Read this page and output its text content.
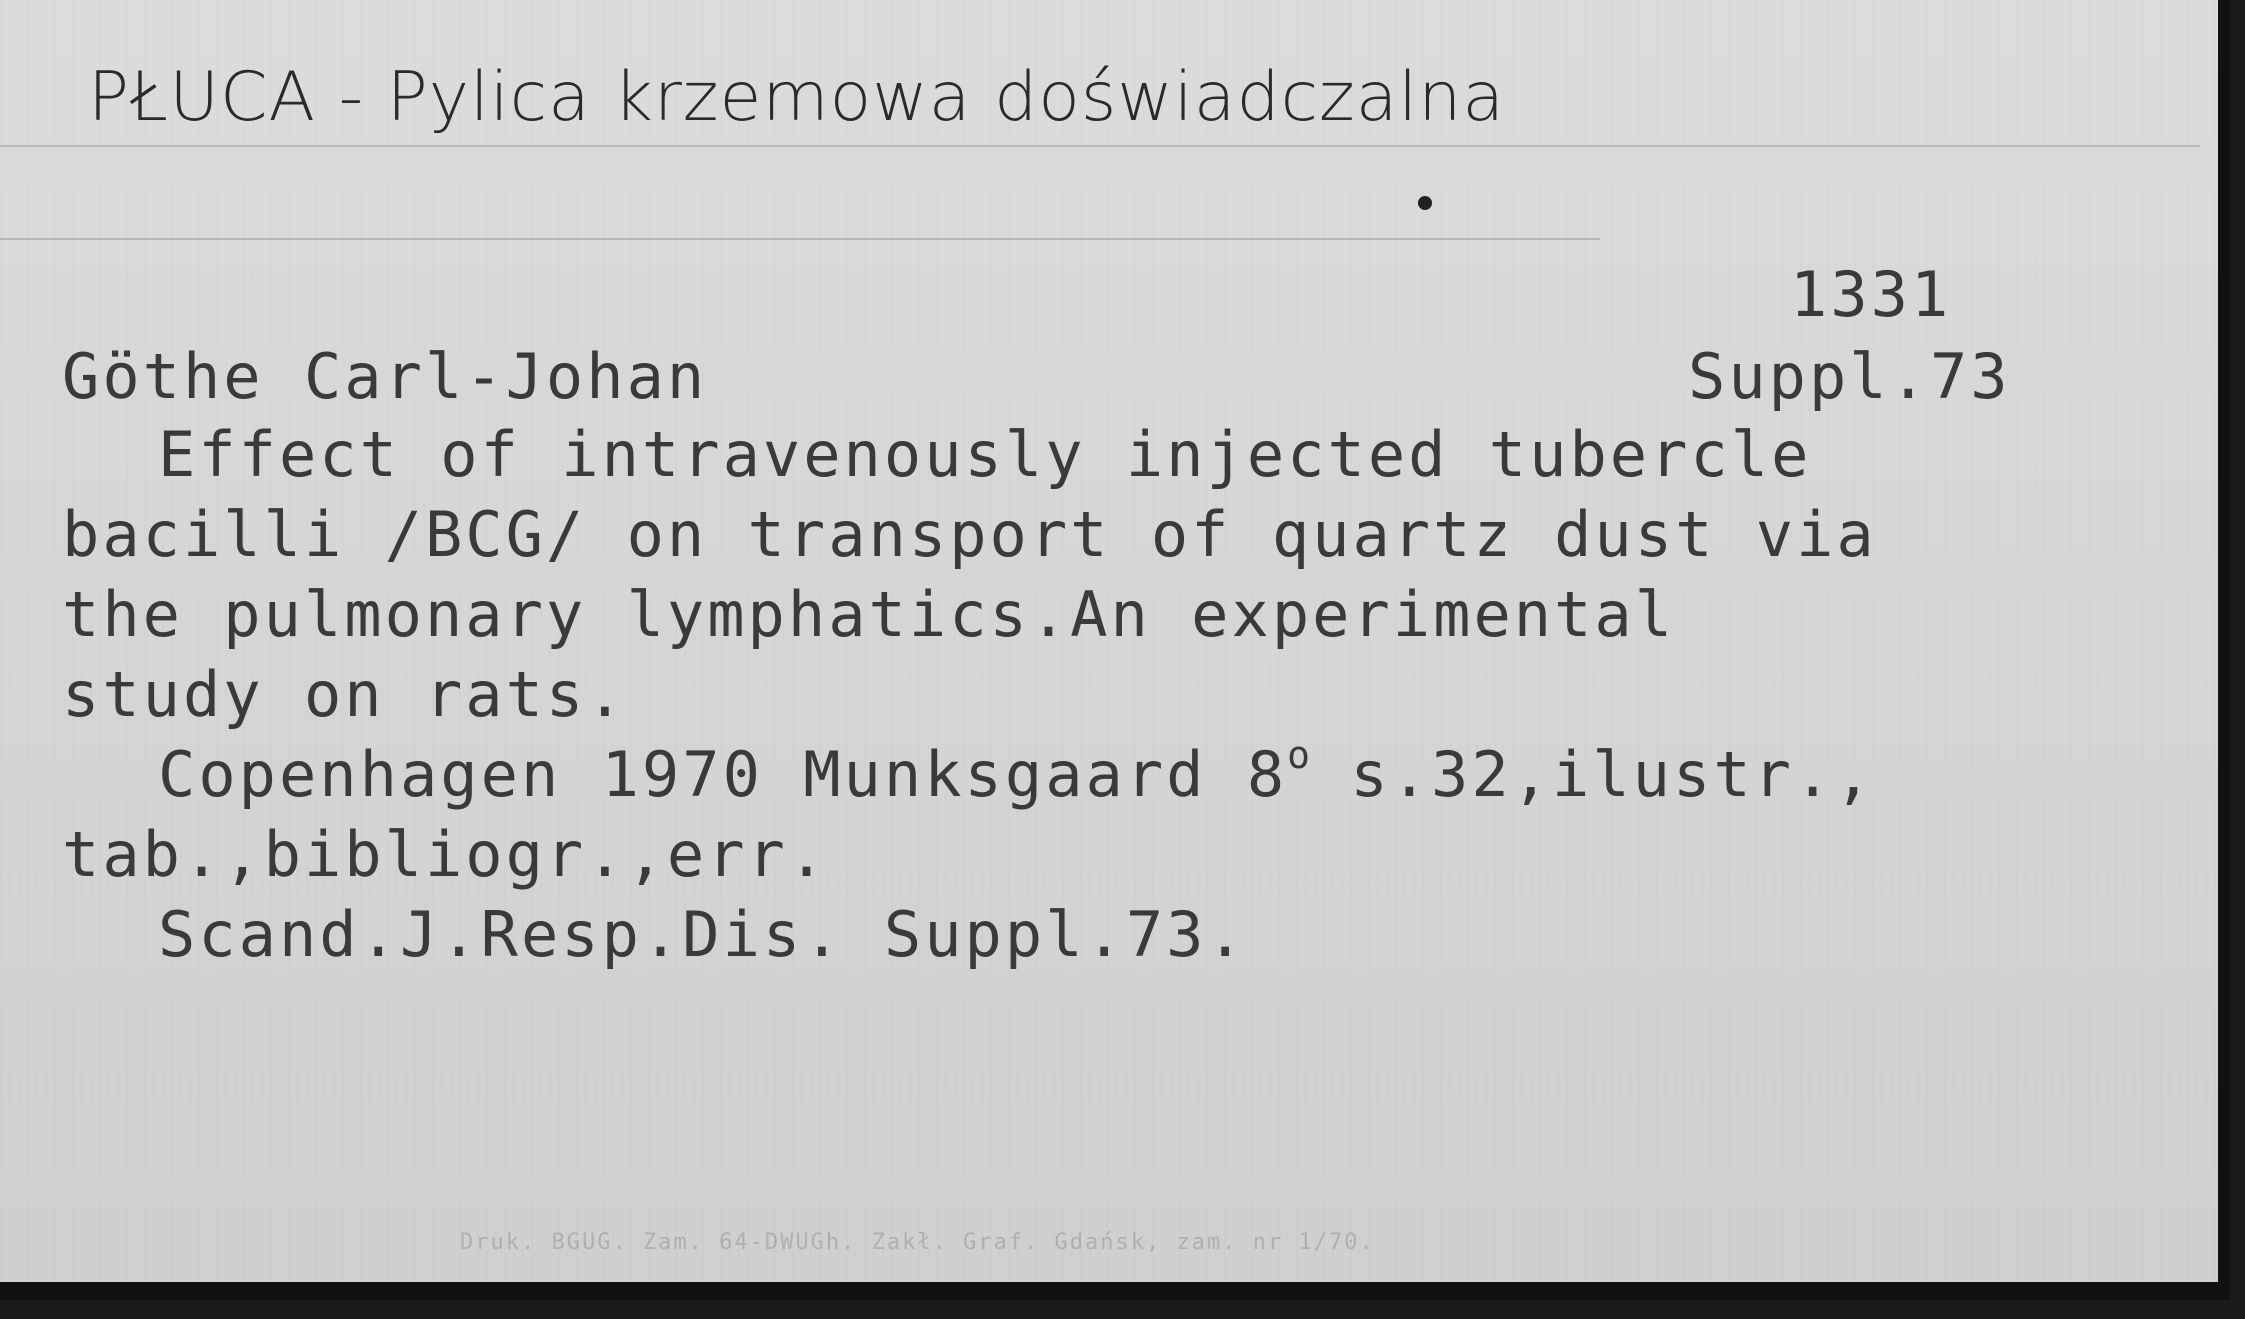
PŁUCA - Pylica krzemowa doświadczalna
1331
Göthe Carl-Johan	Suppl.73
Effect of intravenously injected tubercle
bacilli /BCG/ on transport of quartz dust via
the pulmonary lymphatics.An experimental
study on rats.
Copenhagen 1970 Munksgaard 8$^o$ s.32,ilustr.,
tab.,bibliogr.,err.
Scand.J.Resp.Dis. Suppl.73.
Druk. BGUG. Zam. 64-DWUGh. Zakł. Graf. Gdańsk, zam. nr 1/70.
